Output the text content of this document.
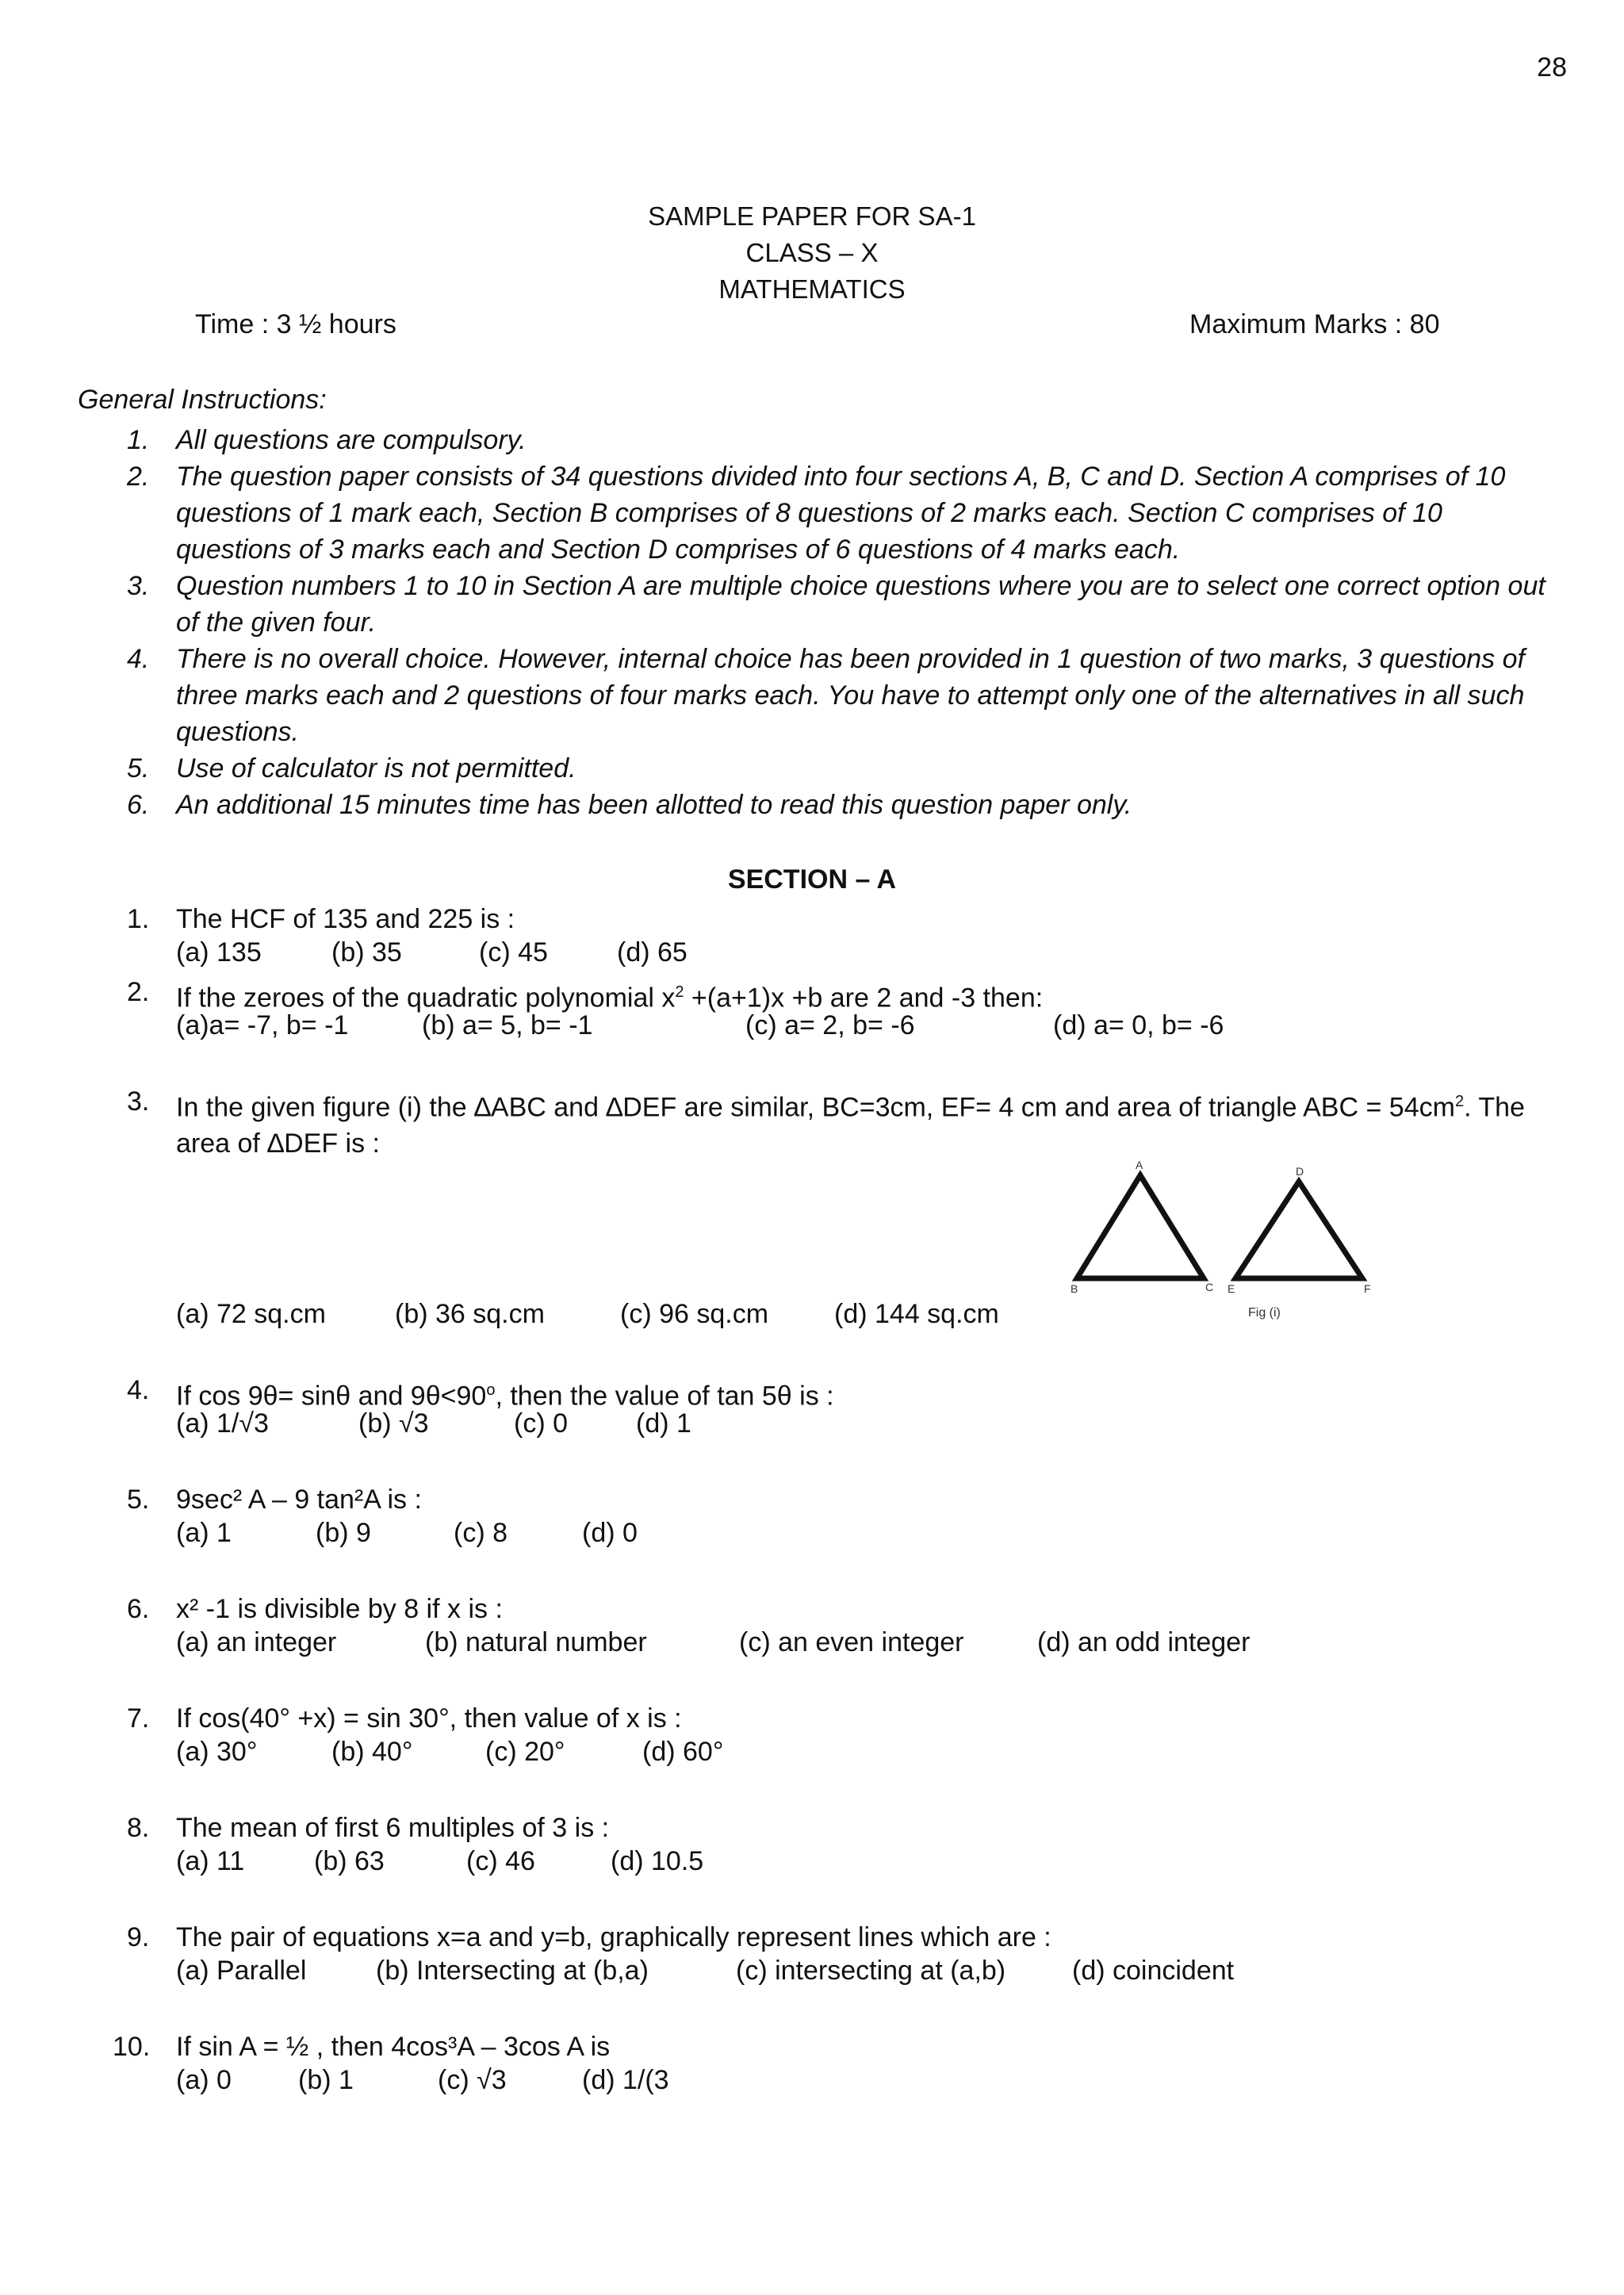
28
SAMPLE PAPER FOR SA-1
CLASS – X
MATHEMATICS
Time : 3 ½ hours	Maximum Marks : 80
General Instructions:
1. All questions are compulsory.
2. The question paper consists of 34 questions divided into four sections A, B, C and D. Section A comprises of 10 questions of 1 mark each, Section B comprises of 8 questions of 2 marks each. Section C comprises of 10 questions of 3 marks each and Section D comprises of 6 questions of 4 marks each.
3. Question numbers 1 to 10 in Section A are multiple choice questions where you are to select one correct option out of the given four.
4. There is no overall choice. However, internal choice has been provided in 1 question of two marks, 3 questions of three marks each and 2 questions of four marks each. You have to attempt only one of the alternatives in all such questions.
5. Use of calculator is not permitted.
6. An additional 15 minutes time has been allotted to read this question paper only.
SECTION – A
1. The HCF of 135 and 225 is :
(a) 135	(b) 35	(c) 45	(d) 65
2. If the zeroes of the quadratic polynomial $x^2 +(a+1)x +b$ are 2 and -3 then:
(a)a= -7, b= -1	(b) a= 5, b= -1	(c) a= 2, b= -6	(d) a= 0, b= -6
3. In the given figure (i) the ∆ABC and ∆DEF are similar, BC=3cm, EF= 4 cm and area of triangle ABC = $54cm^2$. The area of ∆DEF is :
A
B	C
D
E	F
Fig (i)
(a) 72 sq.cm	(b) 36 sq.cm	(c) 96 sq.cm (d) 144 sq.cm
4. If cos 9θ= sinθ and $9\theta<90^o$, then the value of tan 5θ is :
(a) 1/√3	(b) √3	(c) 0	(d) 1
5. 9sec² A – 9 tan²A is :
(a) 1	(b) 9	(c) 8	(d) 0
6. x² -1 is divisible by 8 if x is :
(a) an integer	(b) natural number	(c) an even integer	(d) an odd integer
7. If cos(40° +x) = sin 30°, then value of x is :
(a) 30°	(b) 40°	(c) 20°	(d) 60°
8. The mean of first 6 multiples of 3 is :
(a) 11	(b) 63	(c) 46	(d) 10.5
9. The pair of equations x=a and y=b, graphically represent lines which are :
(a) Parallel	(b) Intersecting at (b,a)	(c) intersecting at (a,b) (d) coincident
10. If sin A = ½ , then 4cos³A – 3cos A is
(a) 0 (b) 1	(c) √3	(d) 1/(3
